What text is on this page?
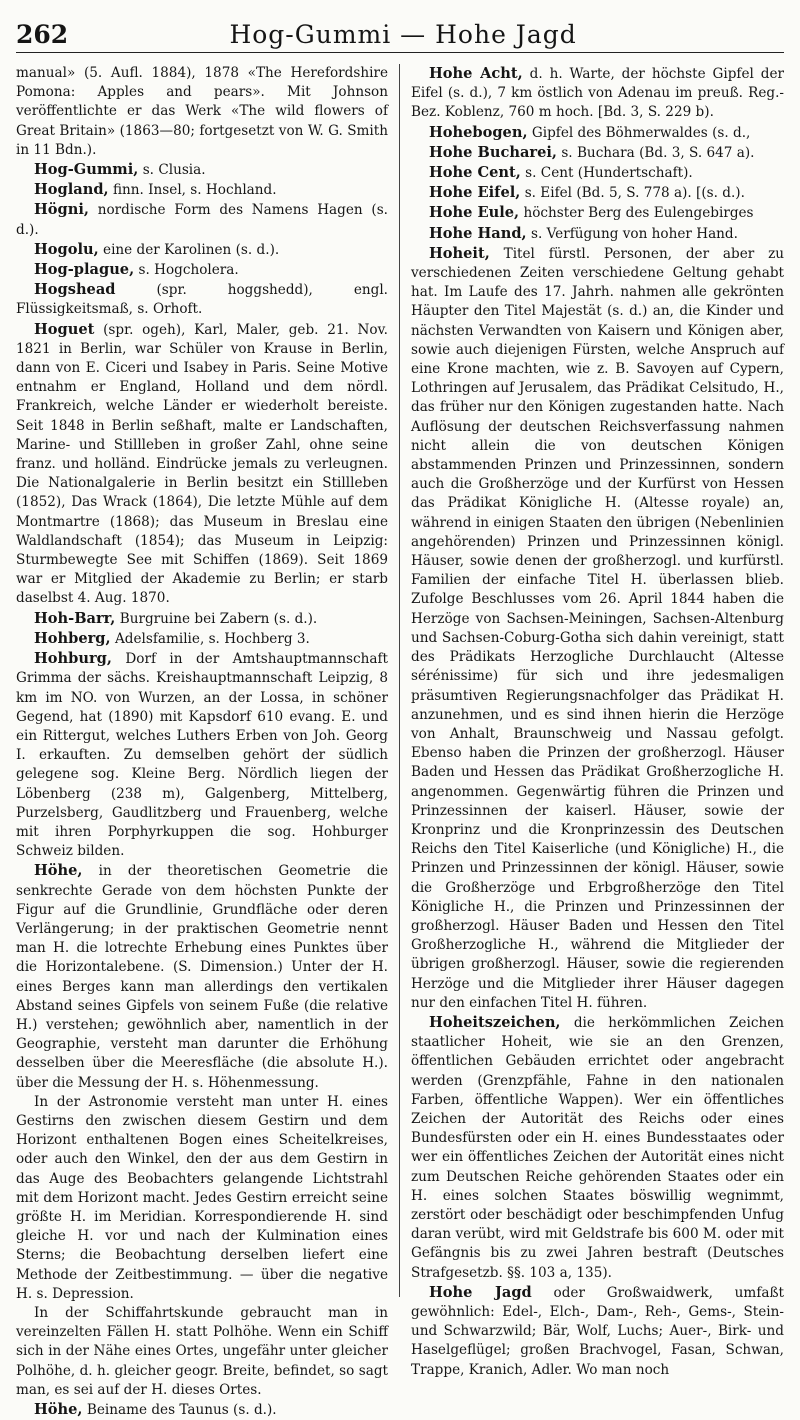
262	Hog-Gummi — Hohe Jagd

manual» (5. Aufl. 1884), 1878 «The Herefordshire Pomona: Apples and pears». Mit Johnson veröffentlichte er das Werk «The wild flowers of Great Britain» (1863—80; fortgesetzt von W. G. Smith in 11 Bdn.).

Hog-Gummi, s. Clusia.

Hogland, finn. Insel, s. Hochland.

Högni, nordische Form des Namens Hagen (s. d.).

Hogolu, eine der Karolinen (s. d.).

Hog-plague, s. Hogcholera.

Hogshead	(spr. hoggshedd), engl. Flüssigkeitsmaß, s. Orhoft.

Hoguet (spr. ogeh), Karl, Maler, geb. 21. Nov. 1821 in Berlin, war Schüler von Krause in Berlin, dann von E. Ciceri und Isabey in Paris. Seine Motive entnahm er England, Holland und dem nördl. Frankreich, welche Länder er wiederholt bereiste. Seit 1848 in Berlin seßhaft, malte er Landschaften, Marine- und Stillleben in großer Zahl, ohne seine franz. und holländ. Eindrücke jemals zu verleugnen. Die Nationalgalerie in Berlin besitzt ein Stillleben (1852), Das Wrack (1864), Die letzte Mühle auf dem Montmartre (1868); das Museum in Breslau eine Waldlandschaft (1854); das Museum in Leipzig: Sturmbewegte See mit Schiffen (1869). Seit 1869 war er Mitglied der Akademie zu Berlin; er starb daselbst 4. Aug. 1870.

Hoh-Barr, Burgruine bei Zabern (s. d.).

Hohberg, Adelsfamilie, s. Hochberg 3.

Hohburg, Dorf in der Amtshauptmannschaft Grimma der sächs. Kreishauptmannschaft Leipzig, 8 km im NO. von Wurzen, an der Lossa, in schöner Gegend, hat (1890) mit Kapsdorf 610 evang. E. und ein Rittergut, welches Luthers Erben von Joh. Georg I. erkauften. Zu demselben gehört der südlich gelegene sog. Kleine Berg. Nördlich liegen der Löbenberg (238 m), Galgenberg, Mittelberg, Purzelsberg, Gaudlitzberg und Frauenberg, welche mit ihren Porphyrkuppen die sog. Hohburger Schweiz bilden.

Höhe, in der theoretischen Geometrie die senkrechte Gerade von dem höchsten Punkte der Figur auf die Grundlinie, Grundfläche oder deren Verlängerung; in der praktischen Geometrie nennt man H. die lotrechte Erhebung eines Punktes über die Horizontalebene. (S. Dimension.) Unter der H. eines Berges kann man allerdings den vertikalen Abstand seines Gipfels von seinem Fuße (die relative H.) verstehen; gewöhnlich aber, namentlich in der Geographie, versteht man darunter die Erhöhung desselben über die Meeresfläche (die absolute H.). über die Messung der H. s. Höhenmessung.

In der Astronomie versteht man unter H. eines Gestirns den zwischen diesem Gestirn und dem Horizont enthaltenen Bogen eines Scheitelkreises, oder auch den Winkel, den der aus dem Gestirn in das Auge des Beobachters gelangende Lichtstrahl mit dem Horizont macht. Jedes Gestirn erreicht seine größte H. im Meridian. Korrespondierende H. sind gleiche H. vor und nach der Kulmination eines Sterns; die Beobachtung derselben liefert eine Methode der Zeitbestimmung. — über die negative H. s. Depression.

In der Schiffahrtskunde gebraucht man in vereinzelten Fällen H. statt Polhöhe. Wenn ein Schiff sich in der Nähe eines Ortes, ungefähr unter gleicher Polhöhe, d. h. gleicher geogr. Breite, befindet, so sagt man, es sei auf der H. dieses Ortes.

Höhe, Beiname des Taunus (s. d.).

Hohe Acht, d. h. Warte, der höchste Gipfel der Eifel (s. d.), 7 km östlich von Adenau im preuß. Reg.-Bez. Koblenz, 760 m hoch. [Bd. 3, S. 229 b).

Hohebogen, Gipfel des Böhmerwaldes (s. d.,

Hohe Bucharei, s. Buchara (Bd. 3, S. 647 a).

Hohe Cent, s. Cent (Hundertschaft).

Hohe Eifel, s. Eifel (Bd. 5, S. 778 a). [(s. d.).

Hohe Eule, höchster Berg des Eulengebirges

Hohe Hand, s. Verfügung von hoher Hand.

Hoheit, Titel fürstl. Personen, der aber zu verschiedenen Zeiten verschiedene Geltung gehabt hat. Im Laufe des 17. Jahrh. nahmen alle gekrönten Häupter den Titel Majestät (s. d.) an, die Kinder und nächsten Verwandten von Kaisern und Königen aber, sowie auch diejenigen Fürsten, welche Anspruch auf eine Krone machten, wie z. B. Savoyen auf Cypern, Lothringen auf Jerusalem, das Prädikat Celsitudo, H., das früher nur den Königen zugestanden hatte. Nach Auflösung der deutschen Reichsverfassung nahmen nicht allein die von deutschen Königen abstammenden Prinzen und Prinzessinnen, sondern auch die Großherzöge und der Kurfürst von Hessen das Prädikat Königliche H. (Altesse royale) an, während in einigen Staaten den übrigen (Nebenlinien angehörenden) Prinzen und Prinzessinnen königl. Häuser, sowie denen der großherzogl. und kurfürstl. Familien der einfache Titel H. überlassen blieb. Zufolge Beschlusses vom 26. April 1844 haben die Herzöge von Sachsen-Meiningen, Sachsen-Altenburg und Sachsen-Coburg-Gotha sich dahin vereinigt, statt des Prädikats Herzogliche Durchlaucht (Altesse sérénissime) für sich und ihre jedesmaligen präsumtiven Regierungsnachfolger das Prädikat H. anzunehmen, und es sind ihnen hierin die Herzöge von Anhalt, Braunschweig und Nassau gefolgt. Ebenso haben die Prinzen der großherzogl. Häuser Baden und Hessen das Prädikat Großherzogliche H. angenommen. Gegenwärtig führen die Prinzen und Prinzessinnen der kaiserl. Häuser, sowie der Kronprinz und die Kronprinzessin des Deutschen Reichs den Titel Kaiserliche (und Königliche) H., die Prinzen und Prinzessinnen der königl. Häuser, sowie die Großherzöge und Erbgroßherzöge den Titel Königliche H., die Prinzen und Prinzessinnen der großherzogl. Häuser Baden und Hessen den Titel Großherzogliche H., während die Mitglieder der übrigen großherzogl. Häuser, sowie die regierenden Herzöge und die Mitglieder ihrer Häuser dagegen nur den einfachen Titel H. führen.

Hoheitszeichen, die herkömmlichen Zeichen staatlicher Hoheit, wie sie an den Grenzen, öffentlichen Gebäuden errichtet oder angebracht werden (Grenzpfähle, Fahne in den nationalen Farben, öffentliche Wappen). Wer ein öffentliches Zeichen der Autorität des Reichs oder eines Bundesfürsten oder ein H. eines Bundesstaates oder wer ein öffentliches Zeichen der Autorität eines nicht zum Deutschen Reiche gehörenden Staates oder ein H. eines solchen Staates böswillig wegnimmt, zerstört oder beschädigt oder beschimpfenden Unfug daran verübt, wird mit Geldstrafe bis 600 M. oder mit Gefängnis bis zu zwei Jahren bestraft (Deutsches Strafgesetzb. §§. 103 a, 135).

Hohe Jagd oder Großwaidwerk, umfaßt gewöhnlich: Edel-, Elch-, Dam-, Reh-, Gems-, Stein- und Schwarzwild; Bär, Wolf, Luchs; Auer-, Birk- und Haselgeflügel; großen Brachvogel, Fasan, Schwan, Trappe, Kranich, Adler. Wo man noch
